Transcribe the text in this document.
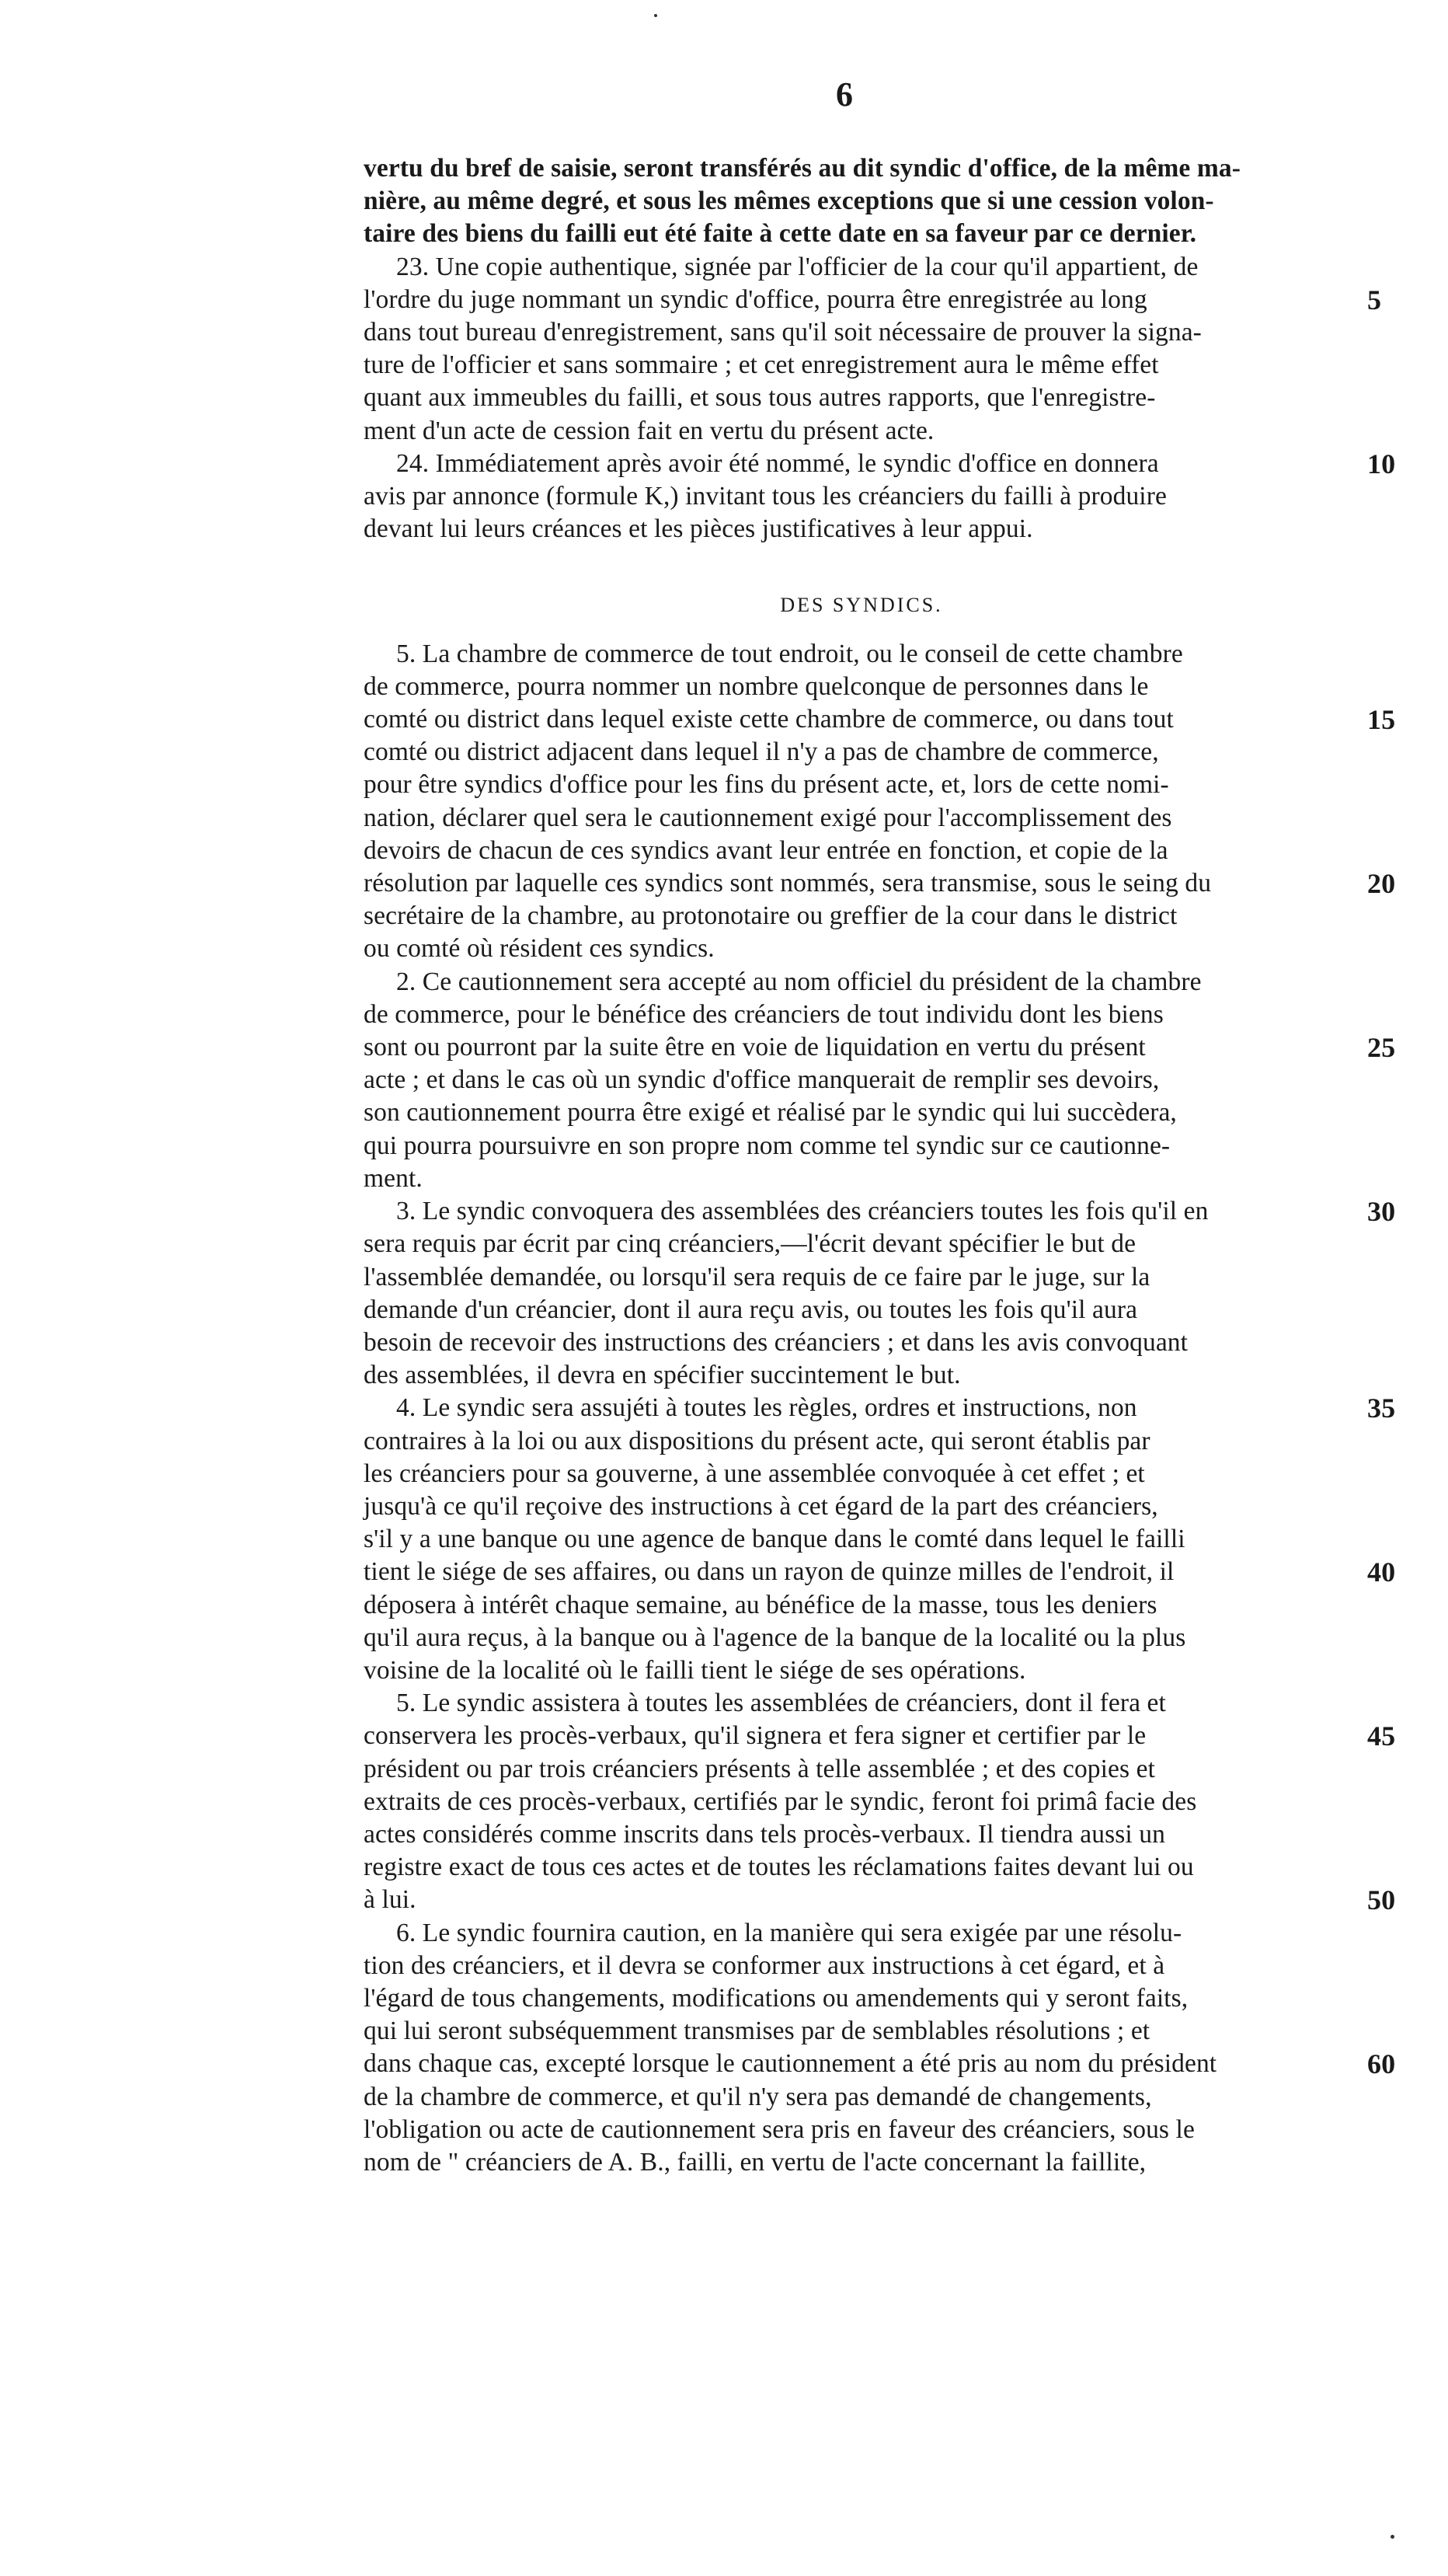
6
vertu du bref de saisie, seront transférés au dit syndic d'office, de la même ma-
nière, au même degré, et sous les mêmes exceptions que si une cession volon-
taire des biens du failli eut été faite à cette date en sa faveur par ce dernier.
23. Une copie authentique, signée par l'officier de la cour qu'il appartient, de
l'ordre du juge nommant un syndic d'office, pourra être enregistrée au long	5
dans tout bureau d'enregistrement, sans qu'il soit nécessaire de prouver la signa-
ture de l'officier et sans sommaire ; et cet enregistrement aura le même effet
quant aux immeubles du failli, et sous tous autres rapports, que l'enregistre-
ment d'un acte de cession fait en vertu du présent acte.
24. Immédiatement après avoir été nommé, le syndic d'office en donnera	10
avis par annonce (formule K,) invitant tous les créanciers du failli à produire
devant lui leurs créances et les pièces justificatives à leur appui.
DES SYNDICS.
5. La chambre de commerce de tout endroit, ou le conseil de cette chambre
de commerce, pourra nommer un nombre quelconque de personnes dans le
comté ou district dans lequel existe cette chambre de commerce, ou dans tout	15
comté ou district adjacent dans lequel il n'y a pas de chambre de commerce,
pour être syndics d'office pour les fins du présent acte, et, lors de cette nomi-
nation, déclarer quel sera le cautionnement exigé pour l'accomplissement des
devoirs de chacun de ces syndics avant leur entrée en fonction, et copie de la
résolution par laquelle ces syndics sont nommés, sera transmise, sous le seing du	20
secrétaire de la chambre, au protonotaire ou greffier de la cour dans le district
ou comté où résident ces syndics.
2. Ce cautionnement sera accepté au nom officiel du président de la chambre
de commerce, pour le bénéfice des créanciers de tout individu dont les biens
sont ou pourront par la suite être en voie de liquidation en vertu du présent	25
acte ; et dans le cas où un syndic d'office manquerait de remplir ses devoirs,
son cautionnement pourra être exigé et réalisé par le syndic qui lui succèdera,
qui pourra poursuivre en son propre nom comme tel syndic sur ce cautionne-
ment.
3. Le syndic convoquera des assemblées des créanciers toutes les fois qu'il en	30
sera requis par écrit par cinq créanciers,—l'écrit devant spécifier le but de
l'assemblée demandée, ou lorsqu'il sera requis de ce faire par le juge, sur la
demande d'un créancier, dont il aura reçu avis, ou toutes les fois qu'il aura
besoin de recevoir des instructions des créanciers ; et dans les avis convoquant
des assemblées, il devra en spécifier succintement le but.
4. Le syndic sera assujéti à toutes les règles, ordres et instructions, non	35
contraires à la loi ou aux dispositions du présent acte, qui seront établis par
les créanciers pour sa gouverne, à une assemblée convoquée à cet effet ; et
jusqu'à ce qu'il reçoive des instructions à cet égard de la part des créanciers,
s'il y a une banque ou une agence de banque dans le comté dans lequel le failli
tient le siége de ses affaires, ou dans un rayon de quinze milles de l'endroit, il	40
déposera à intérêt chaque semaine, au bénéfice de la masse, tous les deniers
qu'il aura reçus, à la banque ou à l'agence de la banque de la localité ou la plus
voisine de la localité où le failli tient le siége de ses opérations.
5. Le syndic assistera à toutes les assemblées de créanciers, dont il fera et
conservera les procès-verbaux, qu'il signera et fera signer et certifier par le	45
président ou par trois créanciers présents à telle assemblée ; et des copies et
extraits de ces procès-verbaux, certifiés par le syndic, feront foi primâ facie des
actes considérés comme inscrits dans tels procès-verbaux. Il tiendra aussi un
registre exact de tous ces actes et de toutes les réclamations faites devant lui ou
à lui.	50
6. Le syndic fournira caution, en la manière qui sera exigée par une résolu-
tion des créanciers, et il devra se conformer aux instructions à cet égard, et à
l'égard de tous changements, modifications ou amendements qui y seront faits,
qui lui seront subséquemment transmises par de semblables résolutions ; et
dans chaque cas, excepté lorsque le cautionnement a été pris au nom du président	60
de la chambre de commerce, et qu'il n'y sera pas demandé de changements,
l'obligation ou acte de cautionnement sera pris en faveur des créanciers, sous le
nom de " créanciers de A. B., failli, en vertu de l'acte concernant la faillite,
